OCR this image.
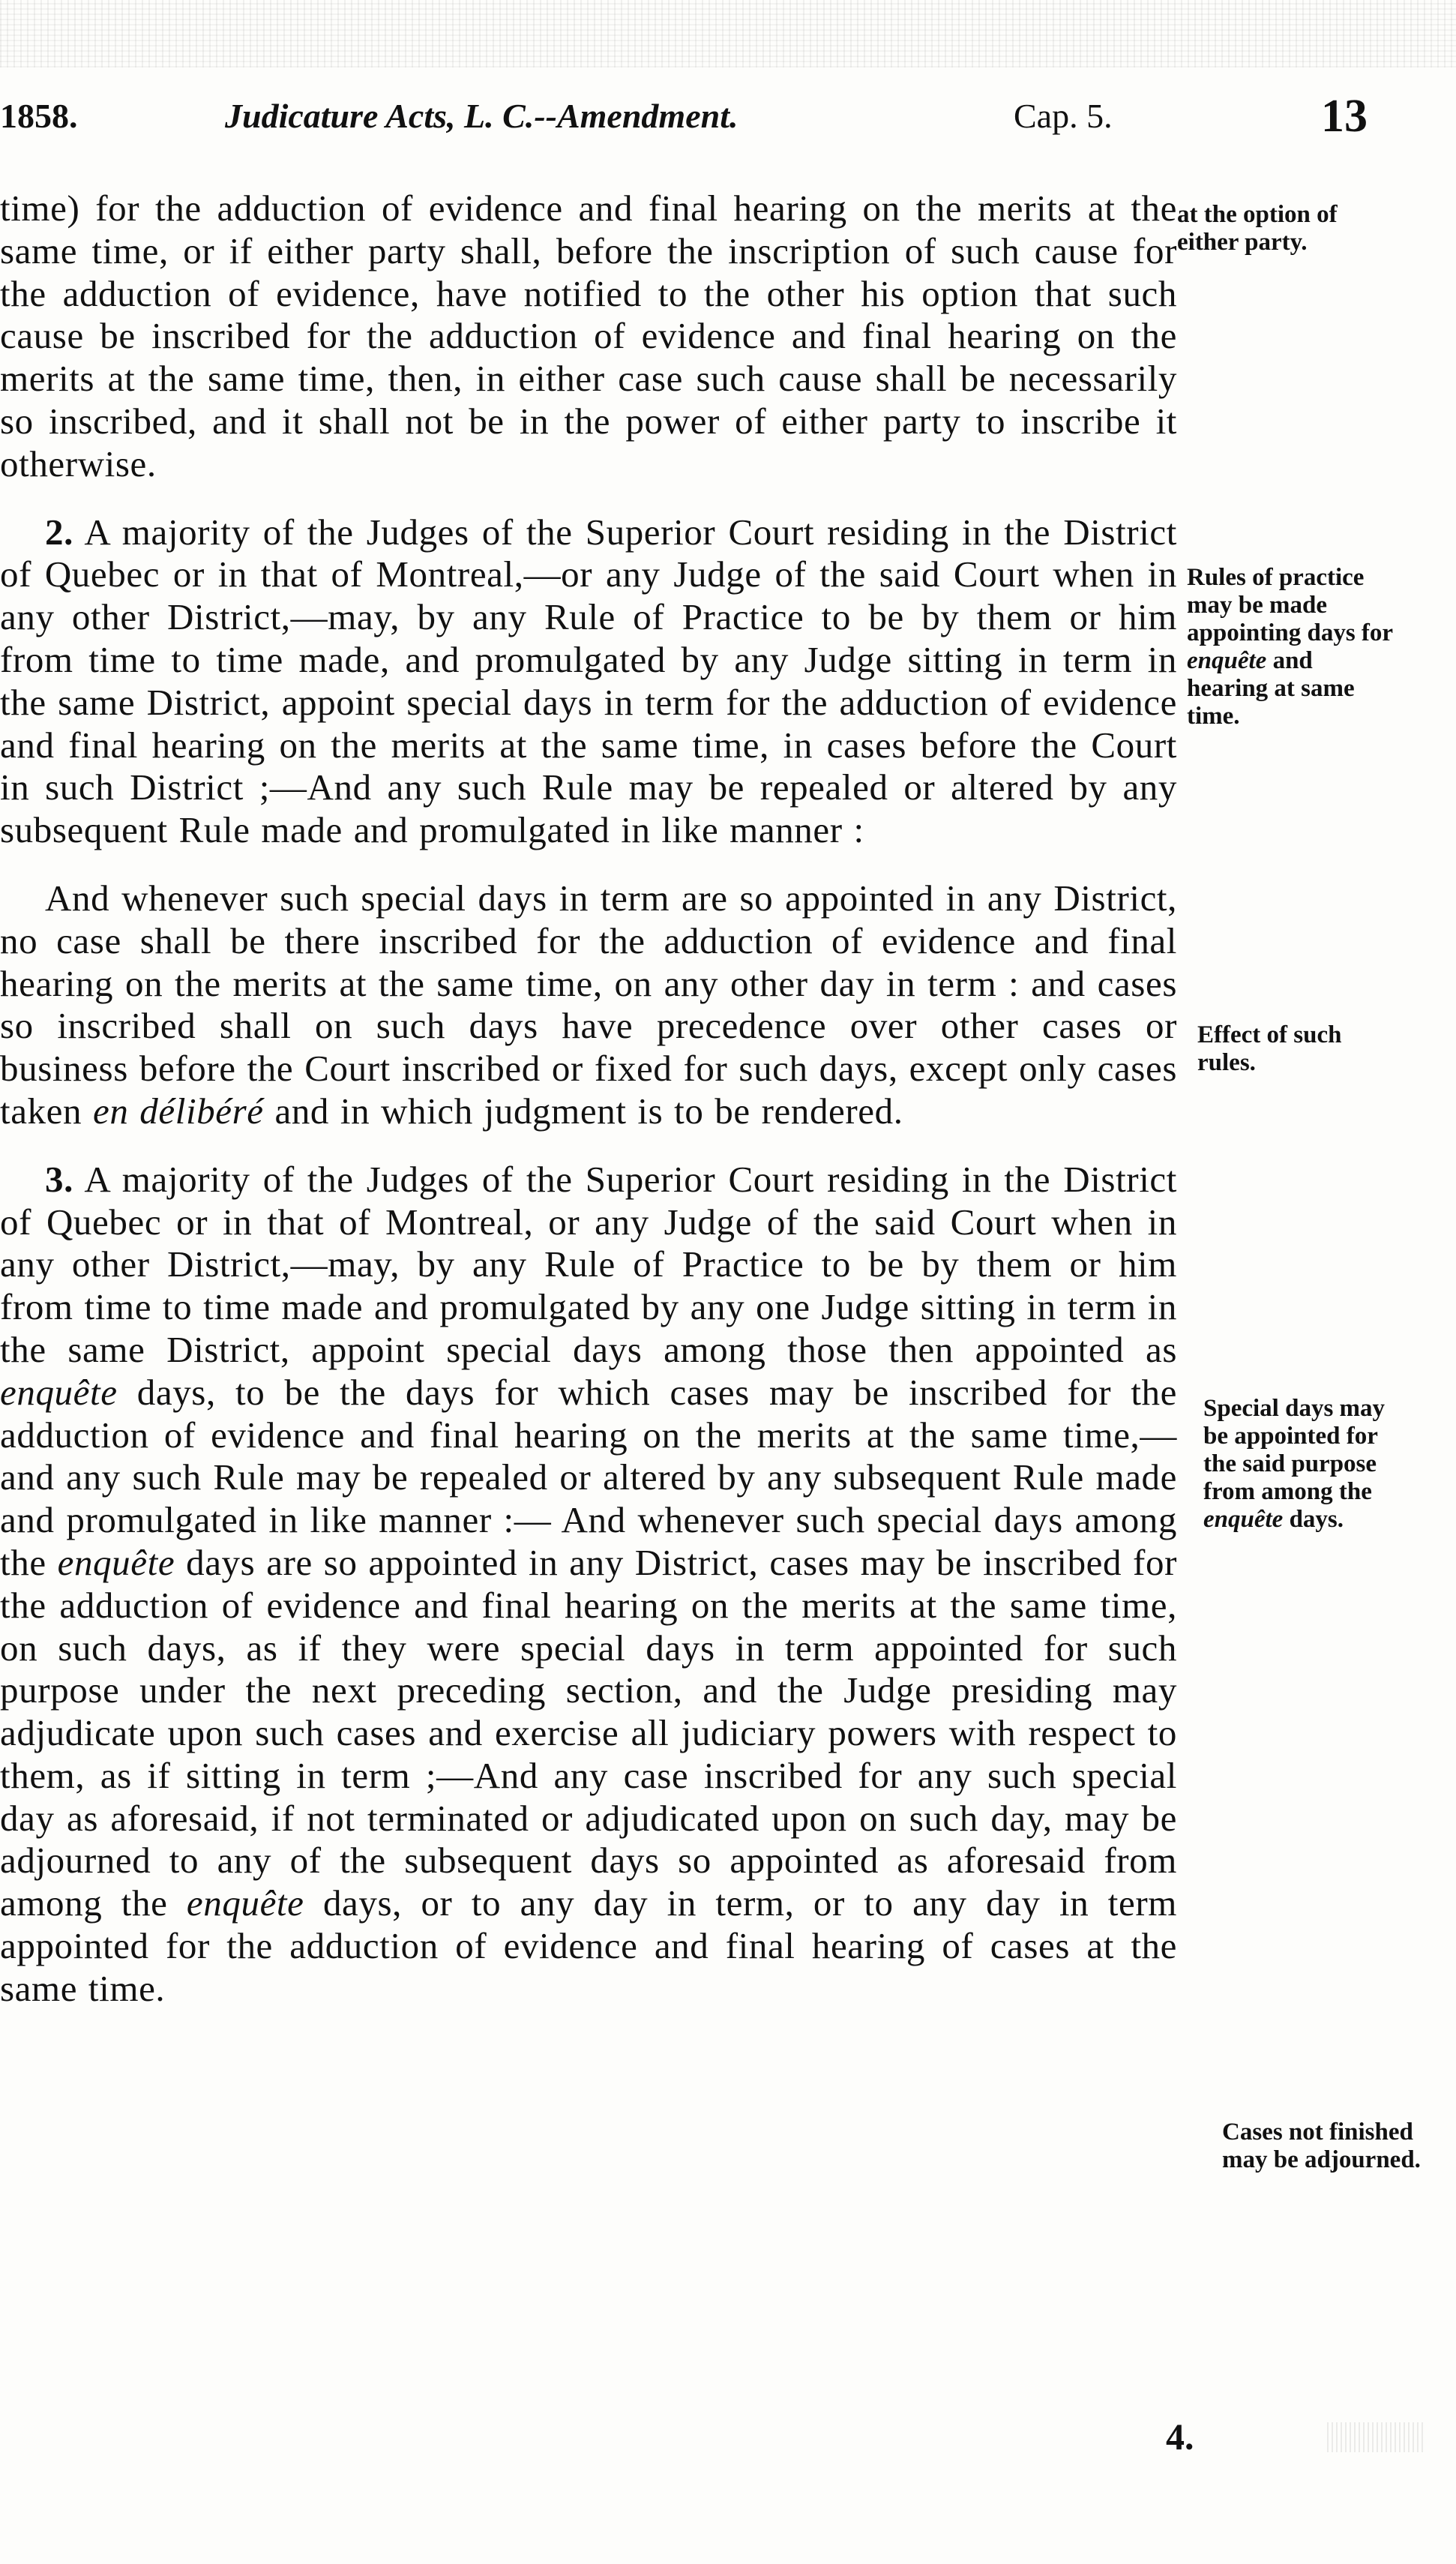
1858.	Judicature Acts, L. C.--Amendment.	Cap. 5.	13

time) for the adduction of evidence and final hearing on the merits at the same time, or if either party shall, before the inscription of such cause for the adduction of evidence, have notified to the other his option that such cause be inscribed for the adduction of evidence and final hearing on the merits at the same time, then, in either case such cause shall be necessarily so inscribed, and it shall not be in the power of either party to inscribe it otherwise.

2. A majority of the Judges of the Superior Court residing in the District of Quebec or in that of Montreal,—or any Judge of the said Court when in any other District,—may, by any Rule of Practice to be by them or him from time to time made, and promulgated by any Judge sitting in term in the same District, appoint special days in term for the adduction of evidence and final hearing on the merits at the same time, in cases before the Court in such District ;—And any such Rule may be repealed or altered by any subsequent Rule made and promulgated in like manner :

And whenever such special days in term are so appointed in any District, no case shall be there inscribed for the adduction of evidence and final hearing on the merits at the same time, on any other day in term : and cases so inscribed shall on such days have precedence over other cases or business before the Court inscribed or fixed for such days, except only cases taken en délibéré and in which judgment is to be rendered.

3. A majority of the Judges of the Superior Court residing in the District of Quebec or in that of Montreal, or any Judge of the said Court when in any other District,—may, by any Rule of Practice to be by them or him from time to time made and promulgated by any one Judge sitting in term in the same District, appoint special days among those then appointed as enquête days, to be the days for which cases may be inscribed for the adduction of evidence and final hearing on the merits at the same time,—and any such Rule may be repealed or altered by any subsequent Rule made and promulgated in like manner :— And whenever such special days among the enquête days are so appointed in any District, cases may be inscribed for the adduction of evidence and final hearing on the merits at the same time, on such days, as if they were special days in term appointed for such purpose under the next preceding section, and the Judge presiding may adjudicate upon such cases and exercise all judiciary powers with respect to them, as if sitting in term ;—And any case inscribed for any such special day as aforesaid, if not terminated or adjudicated upon on such day, may be adjourned to any of the subsequent days so appointed as aforesaid from among the enquête days, or to any day in term, or to any day in term appointed for the adduction of evidence and final hearing of cases at the same time.

at the option of either party.
Rules of practice may be made appointing days for enquête and hearing at same time.
Effect of such rules.
Special days may be appointed for the said purpose from among the enquête days.
Cases not finished may be adjourned.
4.
